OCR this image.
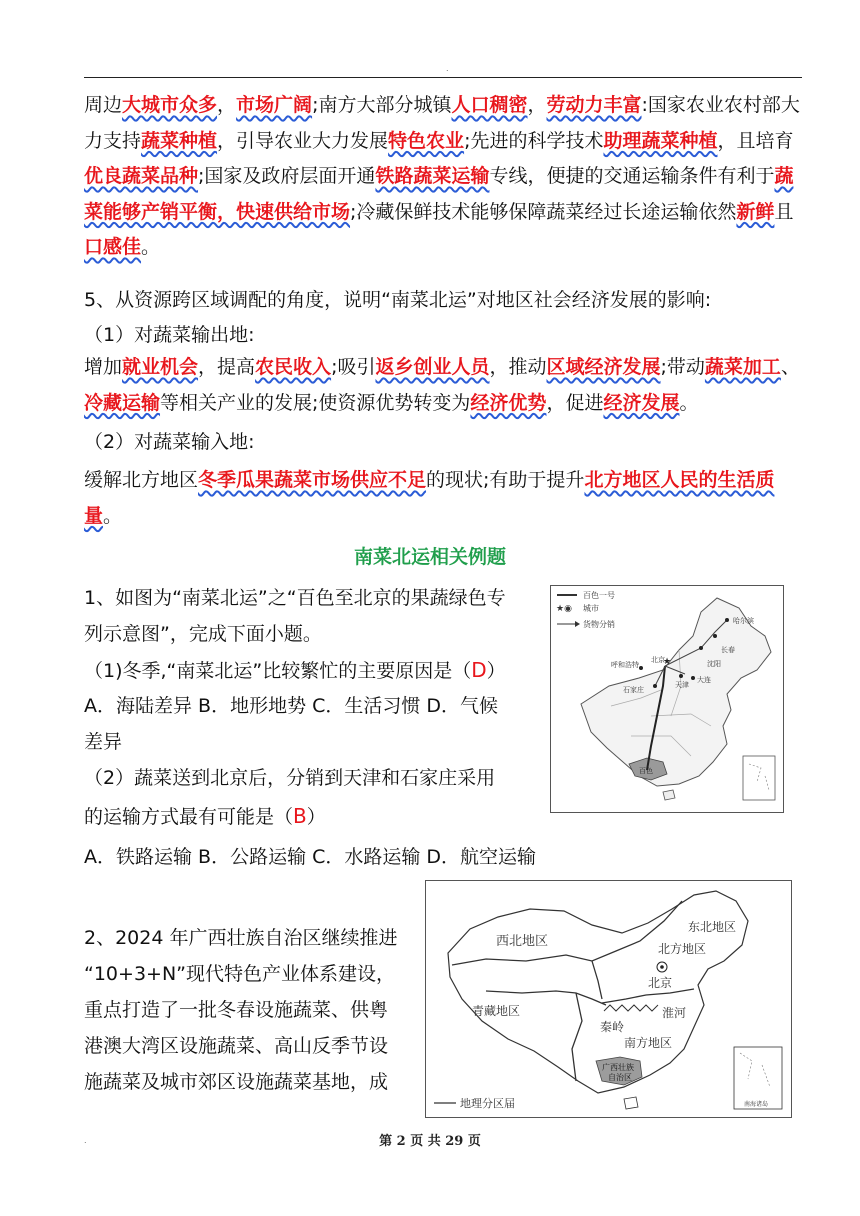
.

周边大城市众多，市场广阔;南方大部分城镇人口稠密，劳动力丰富:国家农业农村部大力支持蔬菜种植，引导农业大力发展特色农业;先进的科学技术助理蔬菜种植，且培育优良蔬菜品种;国家及政府层面开通铁路蔬菜运输专线，便捷的交通运输条件有利于蔬菜能够产销平衡，快速供给市场;冷藏保鲜技术能够保障蔬菜经过长途运输依然新鲜且口感佳。

5、从资源跨区域调配的角度，说明“南菜北运”对地区社会经济发展的影响:

（1）对蔬菜输出地:

增加就业机会，提高农民收入;吸引返乡创业人员，推动区域经济发展;带动蔬菜加工、冷藏运输等相关产业的发展;使资源优势转变为经济优势，促进经济发展。

（2）对蔬菜输入地:

缓解北方地区冬季瓜果蔬菜市场供应不足的现状;有助于提升北方地区人民的生活质量。

南菜北运相关例题

1、如图为“南菜北运”之“百色至北京的果蔬绿色专

列示意图”，完成下面小题。

（1)冬季,“南菜北运”比较繁忙的主要原因是（D）

A．海陆差异 B．地形地势 C．生活习惯 D．气候

差异

（2）蔬菜送到北京后，分销到天津和石家庄采用

的运输方式最有可能是（B）

A．铁路运输 B．公路运输 C．水路运输 D．航空运输

百色一号
★◉ 城市
货物分销	哈尔滨
长春
沈阳
呼和浩特	★
北京
大连
天津
石家庄
百色

2、2024 年广西壮族自治区继续推进

“10+3+N”现代特色产业体系建设，

重点打造了一批冬春设施蔬菜、供粤

港澳大湾区设施蔬菜、高山反季节设

施蔬菜及城市郊区设施蔬菜基地，成

西北地区
东北地区
北方地区
北京
青藏地区
秦岭
淮河
南方地区
广西壮族
自治区
地理分区届	南海诸岛
.	第 2 页 共 29 页
